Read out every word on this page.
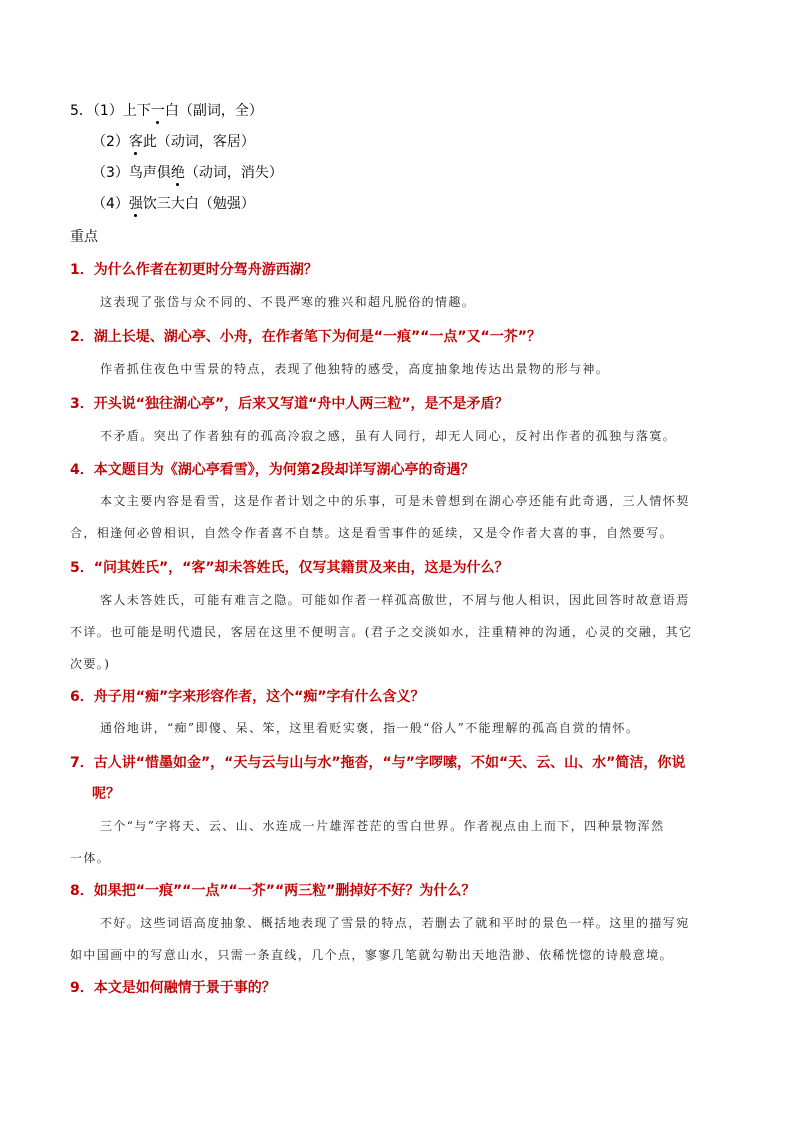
5．（1）上下一白（副词，全）
（2）客此（动词，客居）
（3）鸟声俱绝（动词，消失）
（4）强饮三大白（勉强）
重点
1．为什么作者在初更时分驾舟游西湖？
这表现了张岱与众不同的、不畏严寒的雅兴和超凡脱俗的情趣。
2．湖上长堤、湖心亭、小舟，在作者笔下为何是“一痕”“一点”又“一芥”？
作者抓住夜色中雪景的特点，表现了他独特的感受，高度抽象地传达出景物的形与神。
3．开头说“独往湖心亭”，后来又写道“舟中人两三粒”，是不是矛盾？
不矛盾。突出了作者独有的孤高冷寂之感，虽有人同行，却无人同心，反衬出作者的孤独与落寞。
4．本文题目为《湖心亭看雪》，为何第2段却详写湖心亭的奇遇？
本文主要内容是看雪，这是作者计划之中的乐事，可是未曾想到在湖心亭还能有此奇遇，三人情怀契
合，相逢何必曾相识，自然令作者喜不自禁。这是看雪事件的延续，又是令作者大喜的事，自然要写。
5．“问其姓氏”，“客”却未答姓氏，仅写其籍贯及来由，这是为什么？
客人未答姓氏，可能有难言之隐。可能如作者一样孤高傲世，不屑与他人相识，因此回答时故意语焉
不详。也可能是明代遗民，客居在这里不便明言。(君子之交淡如水，注重精神的沟通，心灵的交融，其它
次要。)
6．舟子用“痴”字来形容作者，这个“痴”字有什么含义？
通俗地讲，“痴”即傻、呆、笨，这里看贬实褒，指一般“俗人”不能理解的孤高自赏的情怀。
7．古人讲“惜墨如金”，“天与云与山与水”拖沓，“与”字啰嗦，不如“天、云、山、水”简洁，你说
呢？
三个“与”字将天、云、山、水连成一片雄浑苍茫的雪白世界。作者视点由上而下，四种景物浑然
一体。
8．如果把“一痕”“一点”“一芥”“两三粒”删掉好不好？为什么？
不好。这些词语高度抽象、概括地表现了雪景的特点，若删去了就和平时的景色一样。这里的描写宛
如中国画中的写意山水，只需一条直线，几个点，寥寥几笔就勾勒出天地浩渺、依稀恍惚的诗般意境。
9．本文是如何融情于景于事的？
